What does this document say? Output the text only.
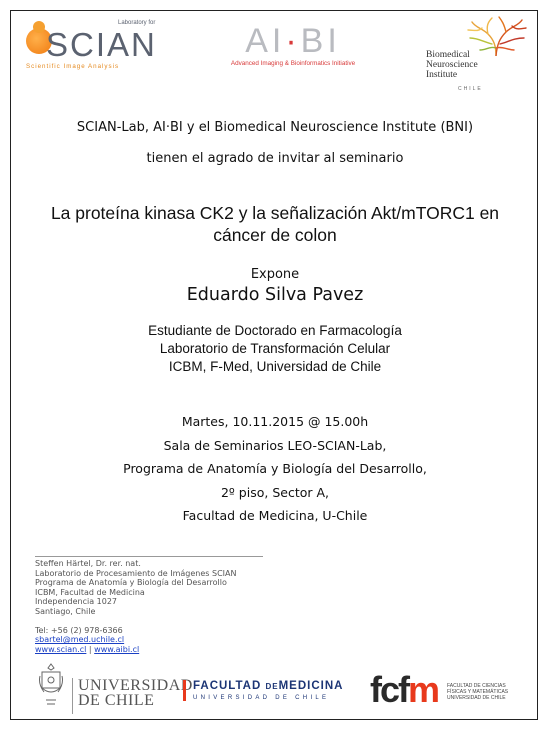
Laboratory for
SCIAN
Scientific Image Analysis
AI·BI
Advanced Imaging & Bioinformatics Initiative
Biomedical
Neuroscience
Institute
CHILE
SCIAN-Lab, AI·BI y el Biomedical Neuroscience Institute (BNI)
tienen el agrado de invitar al seminario
La proteína kinasa CK2 y la señalización Akt/mTORC1 en
cáncer de colon
Expone
Eduardo Silva Pavez
Estudiante de Doctorado en Farmacología
Laboratorio de Transformación Celular
ICBM, F-Med, Universidad de Chile
Martes, 10.11.2015 @ 15.00h
Sala de Seminarios LEO-SCIAN-Lab,
Programa de Anatomía y Biología del Desarrollo,
2º piso, Sector A,
Facultad de Medicina, U-Chile
Steffen Härtel, Dr. rer. nat.
Laboratorio de Procesamiento de Imágenes SCIAN
Programa de Anatomía y Biología del Desarrollo
ICBM, Facultad de Medicina
Independencia 1027
Santiago, Chile
Tel: +56 (2) 978-6366
sbartel@med.uchile.cl
www.scian.cl | www.aibi.cl
UNIVERSIDAD
DE CHILE
FACULTAD DEMEDICINA
UNIVERSIDAD DE CHILE	fcfm FACULTAD DE CIENCIAS
FÍSICAS Y MATEMÁTICAS
UNIVERSIDAD DE CHILE
